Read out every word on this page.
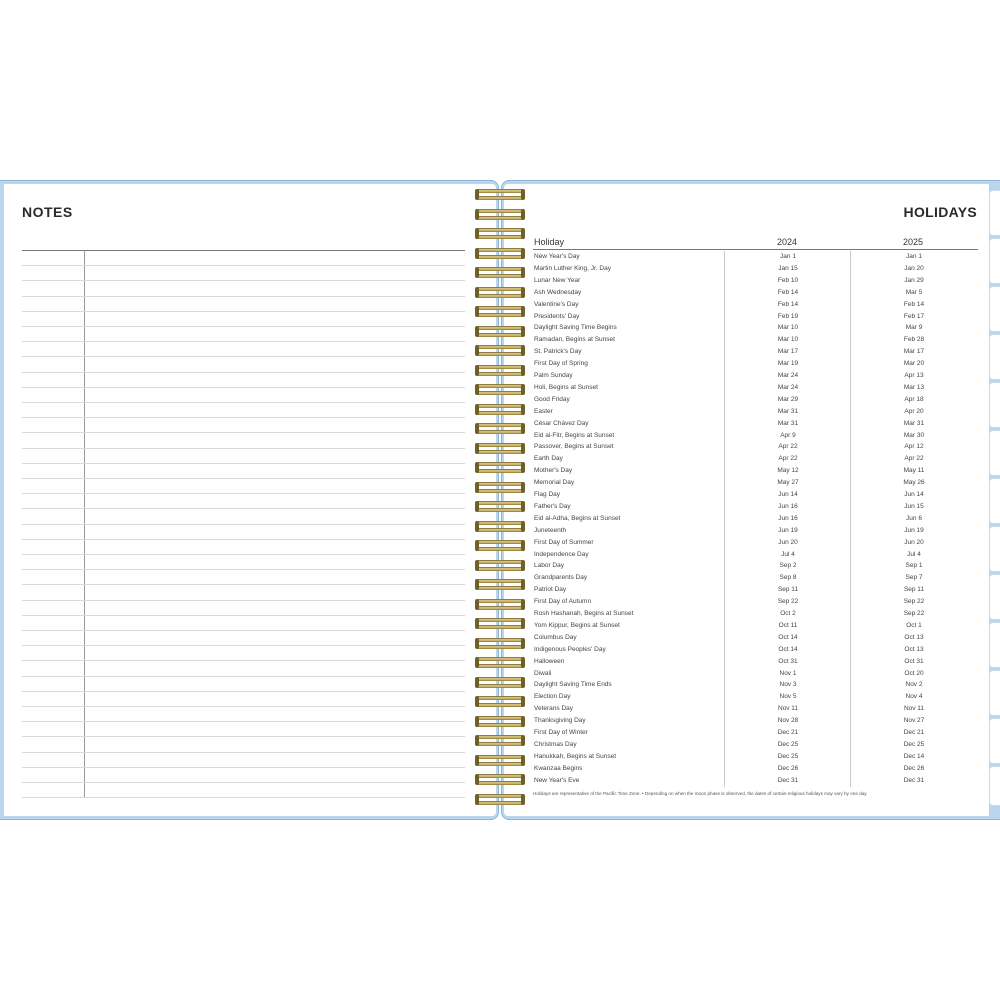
NOTES	HOLIDAYS
Holiday	2024	2025
New Year's Day	Jan 1	Jan 1
Martin Luther King, Jr. Day	Jan 15	Jan 20
Lunar New Year	Feb 10	Jan 29
Ash Wednesday	Feb 14	Mar 5
Valentine's Day	Feb 14	Feb 14
Presidents' Day	Feb 19	Feb 17
Daylight Saving Time Begins	Mar 10	Mar 9
Ramadan, Begins at Sunset	Mar 10	Feb 28
St. Patrick's Day	Mar 17	Mar 17
First Day of Spring	Mar 19	Mar 20
Palm Sunday	Mar 24	Apr 13
Holi, Begins at Sunset	Mar 24	Mar 13
Good Friday	Mar 29	Apr 18
Easter	Mar 31	Apr 20
César Chávez Day	Mar 31	Mar 31
Eid al-Fitr, Begins at Sunset	Apr 9	Mar 30
Passover, Begins at Sunset	Apr 22	Apr 12
Earth Day	Apr 22	Apr 22
Mother's Day	May 12	May 11
Memorial Day	May 27	May 26
Flag Day	Jun 14	Jun 14
Father's Day	Jun 16	Jun 15
Eid al-Adha, Begins at Sunset	Jun 16	Jun 6
Juneteenth	Jun 19	Jun 19
First Day of Summer	Jun 20	Jun 20
Independence Day	Jul 4	Jul 4
Labor Day	Sep 2	Sep 1
Grandparents Day	Sep 8	Sep 7
Patriot Day	Sep 11	Sep 11
First Day of Autumn	Sep 22	Sep 22
Rosh Hashanah, Begins at Sunset	Oct 2	Sep 22
Yom Kippur, Begins at Sunset	Oct 11	Oct 1
Columbus Day	Oct 14	Oct 13
Indigenous Peoples' Day	Oct 14	Oct 13
Halloween	Oct 31	Oct 31
Diwali	Nov 1	Oct 20
Daylight Saving Time Ends	Nov 3	Nov 2
Election Day	Nov 5	Nov 4
Veterans Day	Nov 11	Nov 11
Thanksgiving Day	Nov 28	Nov 27
First Day of Winter	Dec 21	Dec 21
Christmas Day	Dec 25	Dec 25
Hanukkah, Begins at Sunset	Dec 25	Dec 14
Kwanzaa Begins	Dec 26	Dec 26
New Year's Eve	Dec 31	Dec 31
Holidays are representative of the Pacific Time Zone. • Depending on when the moon phase is observed, the dates of certain religious holidays may vary by one day.
